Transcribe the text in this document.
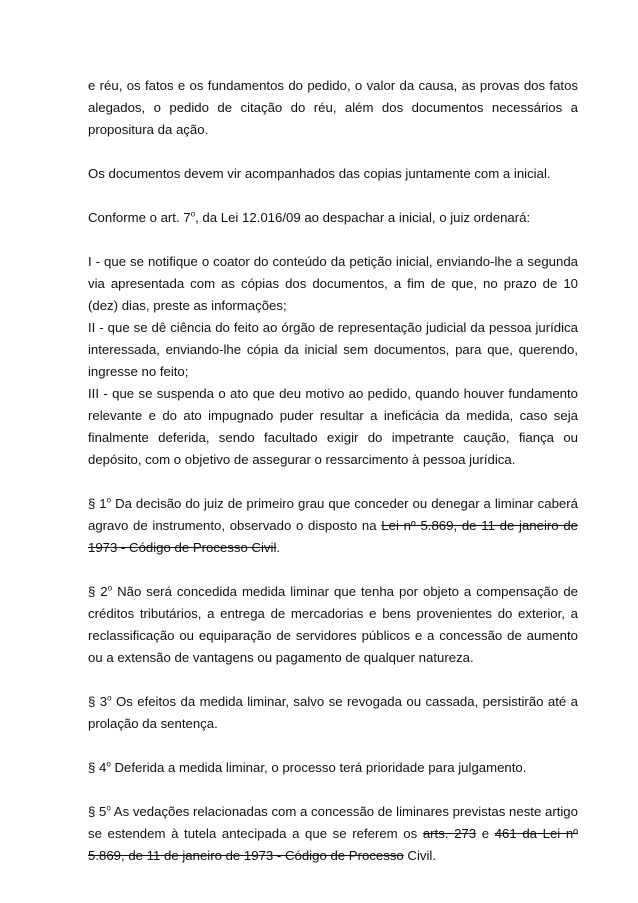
e réu, os fatos e os fundamentos do pedido, o valor da causa, as provas dos fatos alegados, o pedido de citação do réu, além dos documentos necessários a propositura da ação.

Os documentos devem vir acompanhados das copias juntamente com a inicial.

Conforme o art. 7$^o$, da Lei 12.016/09 ao despachar a inicial, o juiz ordenará:

I - que se notifique o coator do conteúdo da petição inicial, enviando-lhe a segunda via apresentada com as cópias dos documentos, a fim de que, no prazo de 10 (dez) dias, preste as informações;

II - que se dê ciência do feito ao órgão de representação judicial da pessoa jurídica interessada, enviando-lhe cópia da inicial sem documentos, para que, querendo, ingresse no feito;

III - que se suspenda o ato que deu motivo ao pedido, quando houver fundamento relevante e do ato impugnado puder resultar a ineficácia da medida, caso seja finalmente deferida, sendo facultado exigir do impetrante caução, fiança ou depósito, com o objetivo de assegurar o ressarcimento à pessoa jurídica.

§ 1$^o$ Da decisão do juiz de primeiro grau que conceder ou denegar a liminar caberá agravo de instrumento, observado o disposto na Lei nº 5.869, de 11 de janeiro de 1973 - Código de Processo Civil.

§ 2$^o$ Não será concedida medida liminar que tenha por objeto a compensação de créditos tributários, a entrega de mercadorias e bens provenientes do exterior, a reclassificação ou equiparação de servidores públicos e a concessão de aumento ou a extensão de vantagens ou pagamento de qualquer natureza.

§ 3$^o$ Os efeitos da medida liminar, salvo se revogada ou cassada, persistirão até a prolação da sentença.

§ 4$^o$ Deferida a medida liminar, o processo terá prioridade para julgamento.

§ 5$^o$ As vedações relacionadas com a concessão de liminares previstas neste artigo se estendem à tutela antecipada a que se referem os arts. 273 e 461 da Lei nº 5.869, de 11 de janeiro de 1973 - Código de Processo Civil.
